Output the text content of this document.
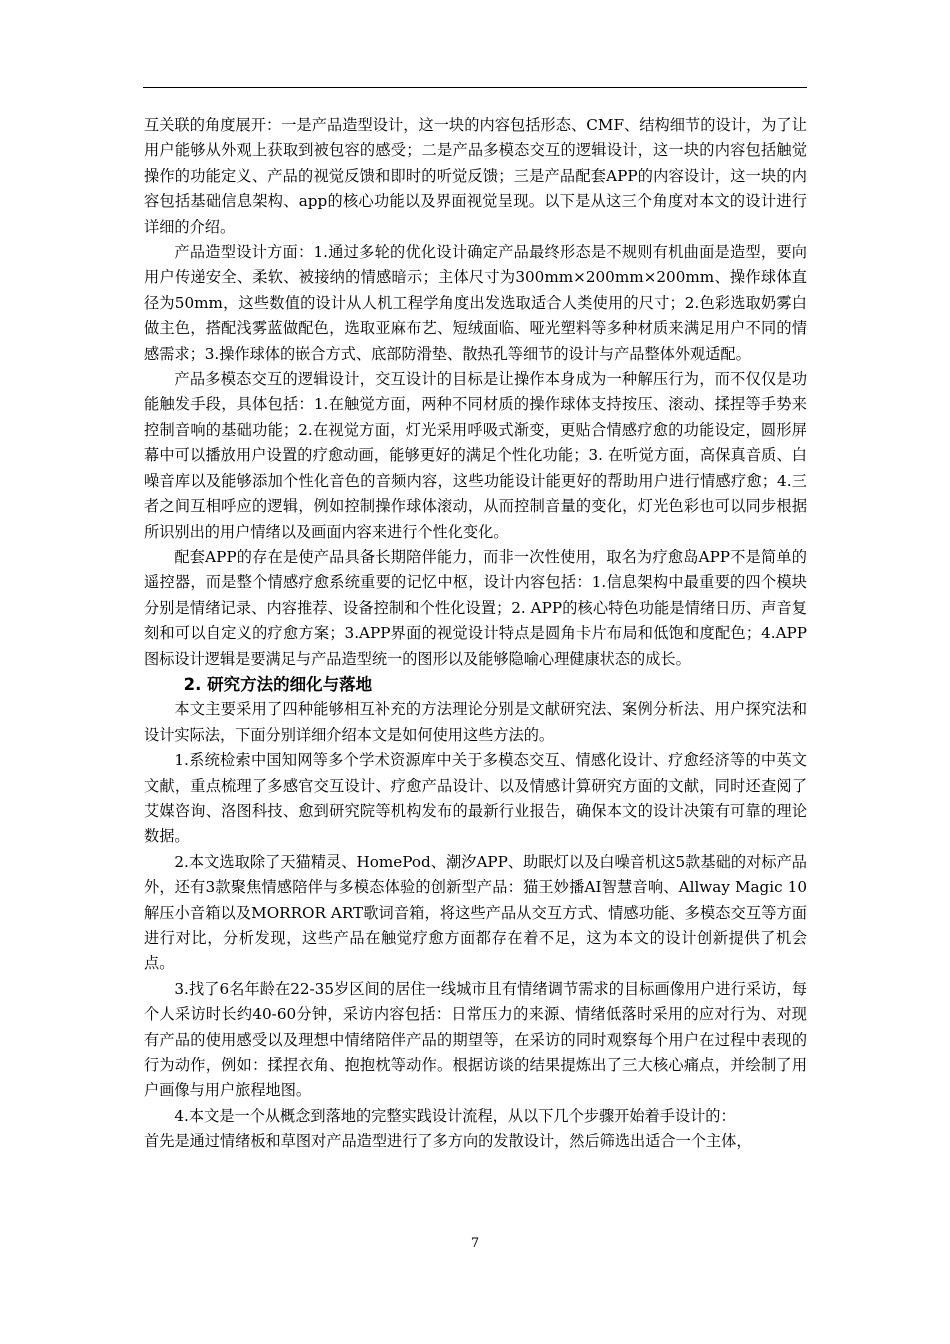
互关联的角度展开：一是产品造型设计，这一块的内容包括形态、CMF、结构细节的设计，为了让用户能够从外观上获取到被包容的感受；二是产品多模态交互的逻辑设计，这一块的内容包括触觉操作的功能定义、产品的视觉反馈和即时的听觉反馈；三是产品配套APP的内容设计，这一块的内容包括基础信息架构、app的核心功能以及界面视觉呈现。以下是从这三个角度对本文的设计进行详细的介绍。

产品造型设计方面：1.通过多轮的优化设计确定产品最终形态是不规则有机曲面是造型，要向用户传递安全、柔软、被接纳的情感暗示；主体尺寸为300mm×200mm×200mm、操作球体直径为50mm，这些数值的设计从人机工程学角度出发选取适合人类使用的尺寸；2.色彩选取奶雾白做主色，搭配浅雾蓝做配色，选取亚麻布艺、短绒面临、哑光塑料等多种材质来满足用户不同的情感需求；3.操作球体的嵌合方式、底部防滑垫、散热孔等细节的设计与产品整体外观适配。

产品多模态交互的逻辑设计，交互设计的目标是让操作本身成为一种解压行为，而不仅仅是功能触发手段，具体包括：1.在触觉方面，两种不同材质的操作球体支持按压、滚动、揉捏等手势来控制音响的基础功能；2.在视觉方面，灯光采用呼吸式渐变，更贴合情感疗愈的功能设定，圆形屏幕中可以播放用户设置的疗愈动画，能够更好的满足个性化功能；3. 在听觉方面，高保真音质、白噪音库以及能够添加个性化音色的音频内容，这些功能设计能更好的帮助用户进行情感疗愈；4.三者之间互相呼应的逻辑，例如控制操作球体滚动，从而控制音量的变化，灯光色彩也可以同步根据所识别出的用户情绪以及画面内容来进行个性化变化。

配套APP的存在是使产品具备长期陪伴能力，而非一次性使用，取名为疗愈岛APP不是简单的遥控器，而是整个情感疗愈系统重要的记忆中枢，设计内容包括：1.信息架构中最重要的四个模块分别是情绪记录、内容推荐、设备控制和个性化设置；2. APP的核心特色功能是情绪日历、声音复刻和可以自定义的疗愈方案；3.APP界面的视觉设计特点是圆角卡片布局和低饱和度配色；4.APP图标设计逻辑是要满足与产品造型统一的图形以及能够隐喻心理健康状态的成长。

2. 研究方法的细化与落地

本文主要采用了四种能够相互补充的方法理论分别是文献研究法、案例分析法、用户探究法和设计实际法，下面分别详细介绍本文是如何使用这些方法的。

1.系统检索中国知网等多个学术资源库中关于多模态交互、情感化设计、疗愈经济等的中英文文献，重点梳理了多感官交互设计、疗愈产品设计、以及情感计算研究方面的文献，同时还查阅了艾媒咨询、洛图科技、愈到研究院等机构发布的最新行业报告，确保本文的设计决策有可靠的理论数据。

2.本文选取除了天猫精灵、HomePod、潮汐APP、助眠灯以及白噪音机这5款基础的对标产品外，还有3款聚焦情感陪伴与多模态体验的创新型产品：猫王妙播AI智慧音响、Allway Magic 10解压小音箱以及MORROR ART歌词音箱，将这些产品从交互方式、情感功能、多模态交互等方面进行对比，分析发现，这些产品在触觉疗愈方面都存在着不足，这为本文的设计创新提供了机会点。

3.找了6名年龄在22-35岁区间的居住一线城市且有情绪调节需求的目标画像用户进行采访，每个人采访时长约40-60分钟，采访内容包括：日常压力的来源、情绪低落时采用的应对行为、对现有产品的使用感受以及理想中情绪陪伴产品的期望等，在采访的同时观察每个用户在过程中表现的行为动作，例如：揉捏衣角、抱抱枕等动作。根据访谈的结果提炼出了三大核心痛点，并绘制了用户画像与用户旅程地图。

4.本文是一个从概念到落地的完整实践设计流程，从以下几个步骤开始着手设计的：

首先是通过情绪板和草图对产品造型进行了多方向的发散设计，然后筛选出适合一个主体，

7
